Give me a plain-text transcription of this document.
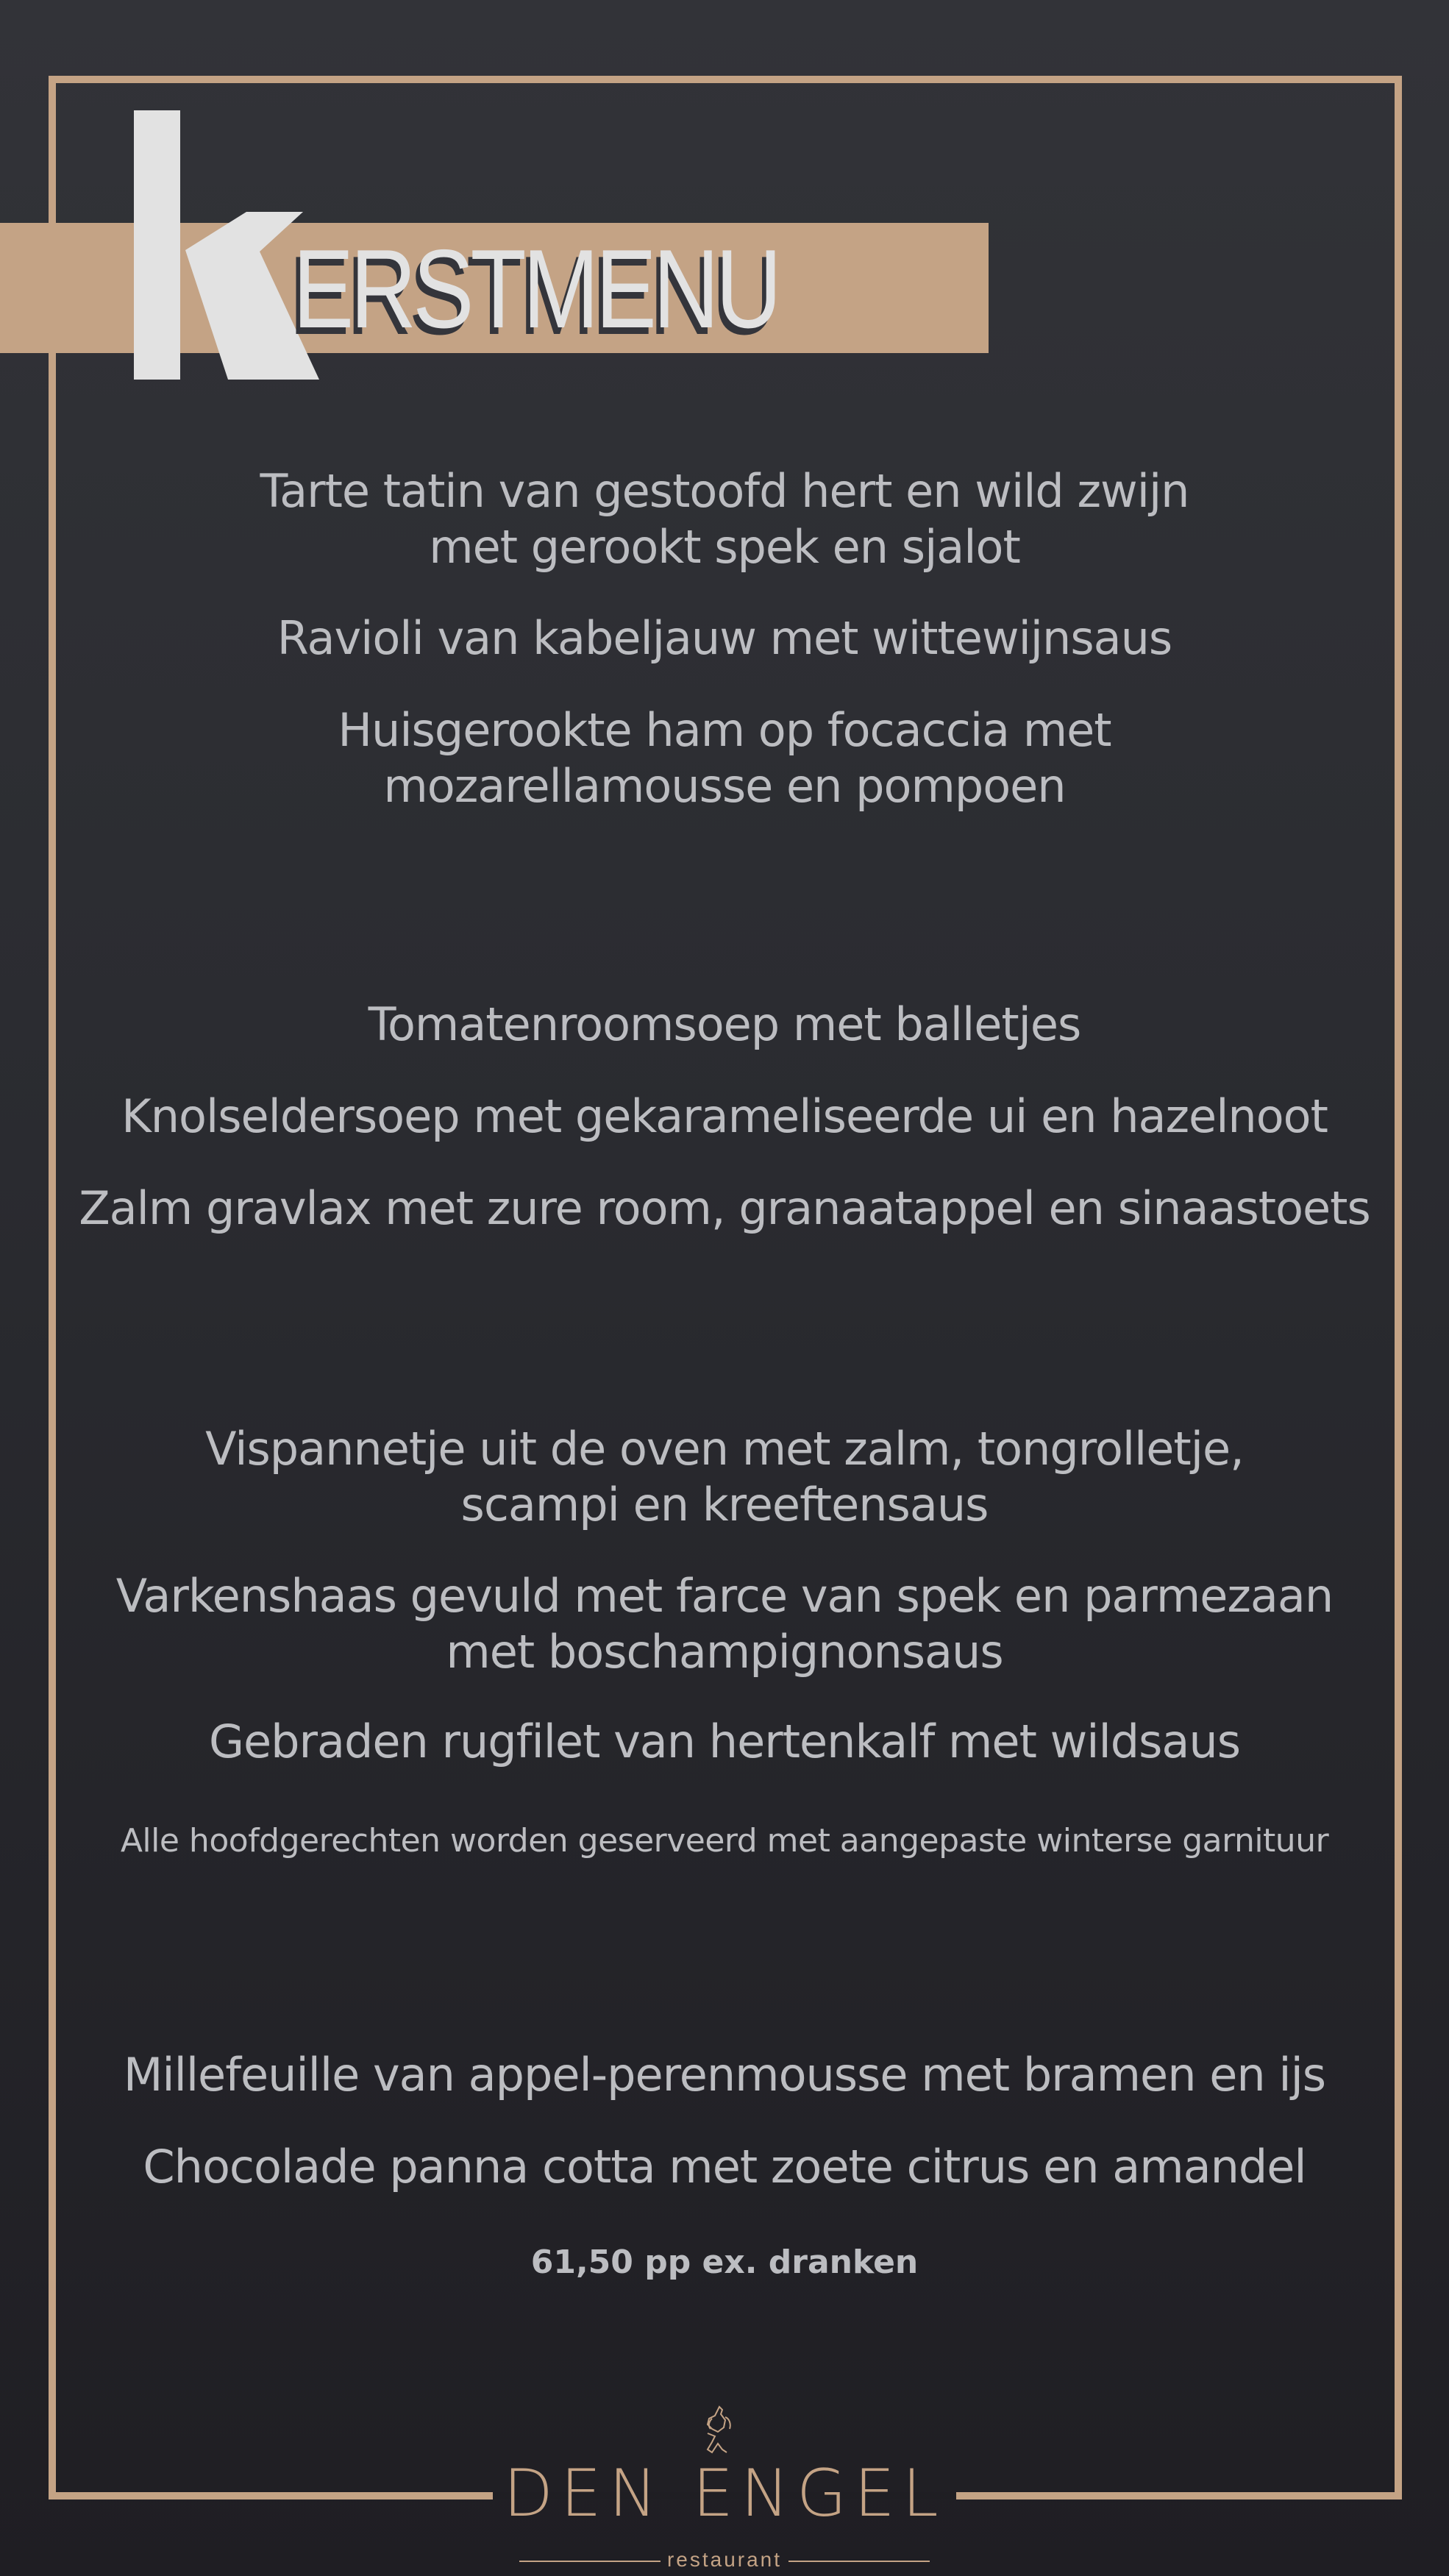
ERSTMENU
Tarte tatin van gestoofd hert en wild zwijn
met gerookt spek en sjalot
Ravioli van kabeljauw met wittewijnsaus
Huisgerookte ham op focaccia met
mozarellamousse en pompoen
Tomatenroomsoep met balletjes
Knolseldersoep met gekarameliseerde ui en hazelnoot
Zalm gravlax met zure room, granaatappel en sinaastoets
Vispannetje uit de oven met zalm, tongrolletje,
scampi en kreeftensaus
Varkenshaas gevuld met farce van spek en parmezaan
met boschampignonsaus
Gebraden rugfilet van hertenkalf met wildsaus
Alle hoofdgerechten worden geserveerd met aangepaste winterse garnituur
Millefeuille van appel-perenmousse met bramen en ijs
Chocolade panna cotta met zoete citrus en amandel
61,50 pp ex. dranken
DEN ENGEL
restaurant
